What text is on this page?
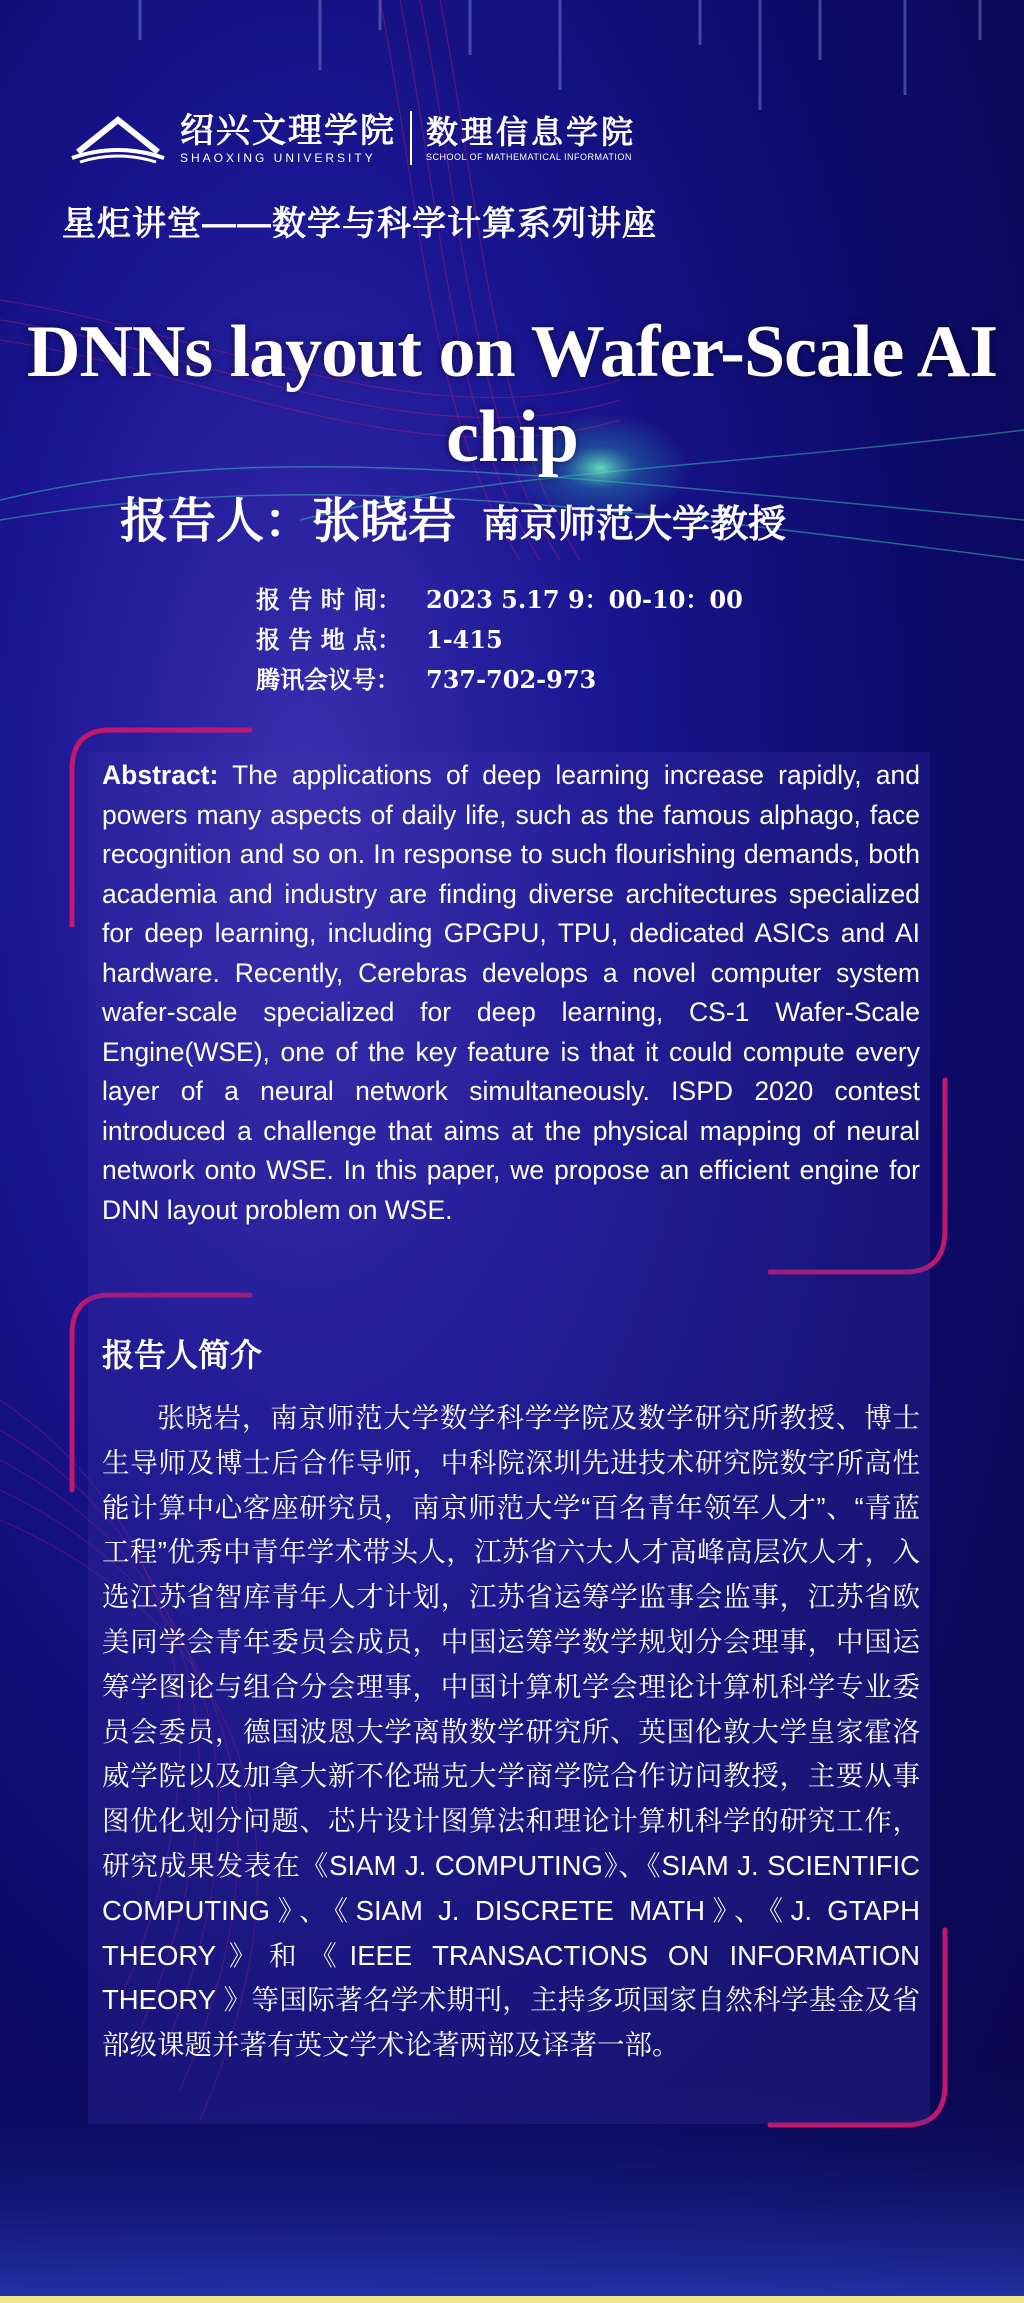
绍兴文理学院
SHAOXING UNIVERSITY
数理信息学院
SCHOOL OF MATHEMATICAL INFORMATION
星炬讲堂——数学与科学计算系列讲座
DNNs layout on Wafer-Scale AI chip
报告人：张晓岩 南京师范大学教授
报 告 时 间：	2023 5.17 9：00-10：00
报 告 地 点：	1-415
腾讯会议号：	737-702-973
Abstract: The applications of deep learning increase rapidly, and powers many aspects of daily life, such as the famous alphago, face recognition and so on. In response to such flourishing demands, both academia and industry are finding diverse architectures specialized for deep learning, including GPGPU, TPU, dedicated ASICs and AI hardware. Recently, Cerebras develops a novel computer system wafer-scale specialized for deep learning, CS-1 Wafer-Scale Engine(WSE), one of the key feature is that it could compute every layer of a neural network simultaneously. ISPD 2020 contest introduced a challenge that aims at the physical mapping of neural network onto WSE. In this paper, we propose an efficient engine for DNN layout problem on WSE.
报告人简介
张晓岩，南京师范大学数学科学学院及数学研究所教授、博士生导师及博士后合作导师，中科院深圳先进技术研究院数字所高性能计算中心客座研究员，南京师范大学“百名青年领军人才”、“青蓝工程”优秀中青年学术带头人，江苏省六大人才高峰高层次人才，入选江苏省智库青年人才计划，江苏省运筹学监事会监事，江苏省欧美同学会青年委员会成员，中国运筹学数学规划分会理事，中国运筹学图论与组合分会理事，中国计算机学会理论计算机科学专业委员会委员，德国波恩大学离散数学研究所、英国伦敦大学皇家霍洛威学院以及加拿大新不伦瑞克大学商学院合作访问教授，主要从事图优化划分问题、芯片设计图算法和理论计算机科学的研究工作，研究成果发表在《SIAM J. COMPUTING》、《SIAM J. SCIENTIFIC COMPUTING》、《SIAM J. DISCRETE MATH》、《J. GTAPH THEORY》和《IEEE TRANSACTIONS ON INFORMATION THEORY 》等国际著名学术期刊，主持多项国家自然科学基金及省部级课题并著有英文学术论著两部及译著一部。
